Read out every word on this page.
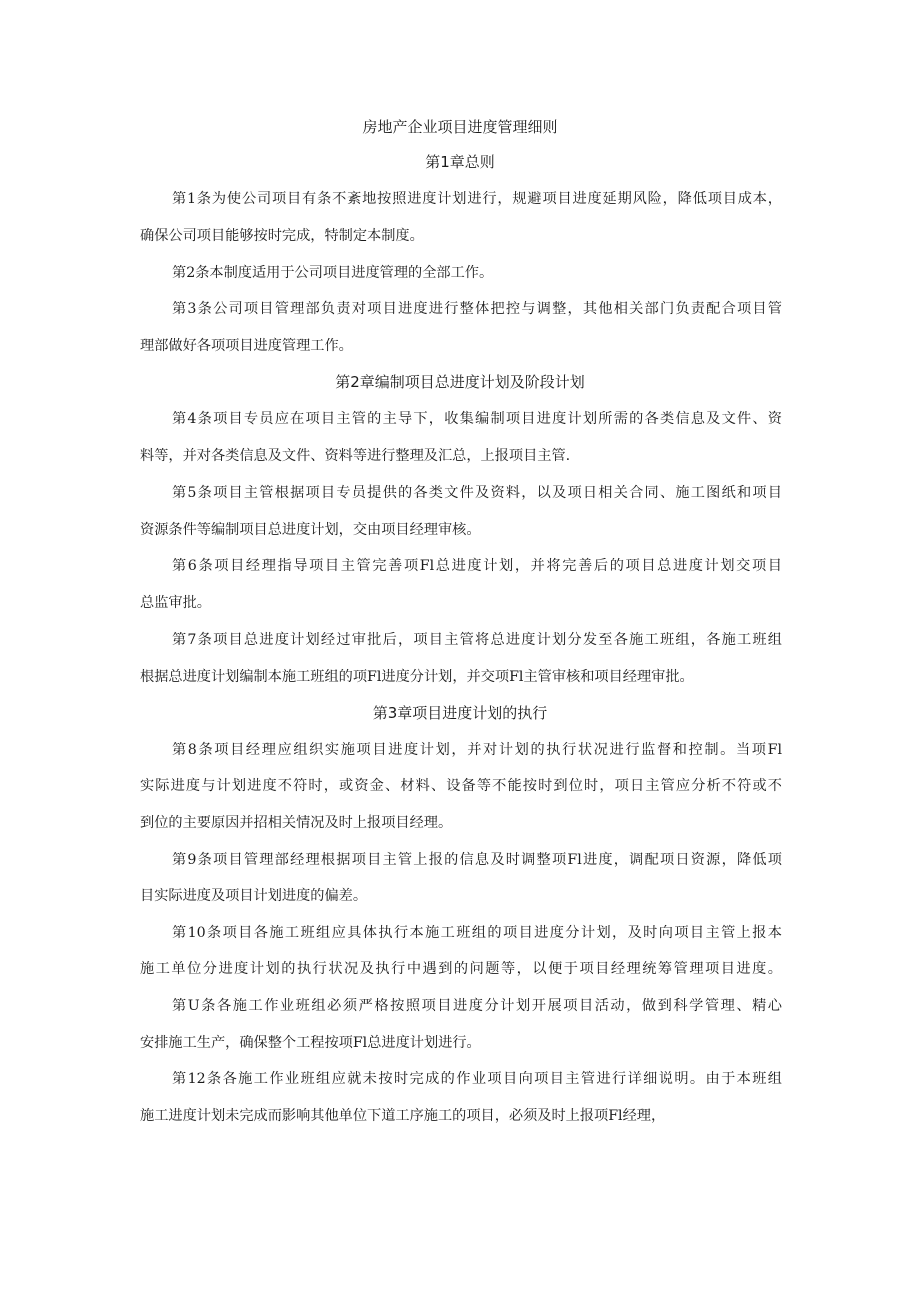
房地产企业项目进度管理细则
第1章总则
第1条为使公司项目有条不紊地按照进度计划进行，规避项目进度延期风险，降低项目成本，
确保公司项目能够按时完成，特制定本制度。
第2条本制度适用于公司项目进度管理的全部工作。
第3条公司项目管理部负责对项目进度进行整体把控与调整，其他相关部门负责配合项目管
理部做好各项项目进度管理工作。
第2章编制项目总进度计划及阶段计划
第4条项目专员应在项目主管的主导下，收集编制项目进度计划所需的各类信息及文件、资
料等，并对各类信息及文件、资料等进行整理及汇总，上报项目主管.
第5条项目主管根据项目专员提供的各类文件及资料，以及项日相关合同、施工图纸和项目
资源条件等编制项目总进度计划，交由项目经理审核。
第6条项目经理指导项目主管完善项Fl总进度计划，并将完善后的项目总进度计划交项目
总监审批。
第7条项目总进度计划经过审批后，项目主管将总进度计划分发至各施工班组，各施工班组
根据总进度计划编制本施工班组的项Fl进度分计划，并交项Fl主管审核和项目经理审批。
第3章项目进度计划的执行
第8条项目经理应组织实施项目进度计划，并对计划的执行状况进行监督和控制。当项Fl
实际进度与计划进度不符时，或资金、材料、设备等不能按时到位时，项日主管应分析不符或不
到位的主要原因并招相关情况及时上报项目经理。
第9条项目管理部经理根据项目主管上报的信息及时调整项Fl进度，调配项日资源，降低项
目实际进度及项目计划进度的偏差。
第10条项目各施工班组应具体执行本施工班组的项目进度分计划，及时向项目主管上报本
施工单位分进度计划的执行状况及执行中遇到的问题等，以便于项目经理统筹管理项目进度。
第U条各施工作业班组必须严格按照项目进度分计划开展项目活动，做到科学管理、精心
安排施工生产，确保整个工程按项Fl总进度计划进行。
第12条各施工作业班组应就未按时完成的作业项目向项目主管进行详细说明。由于本班组
施工进度计划未完成而影响其他单位下道工序施工的项目，必须及时上报项Fl经理，
